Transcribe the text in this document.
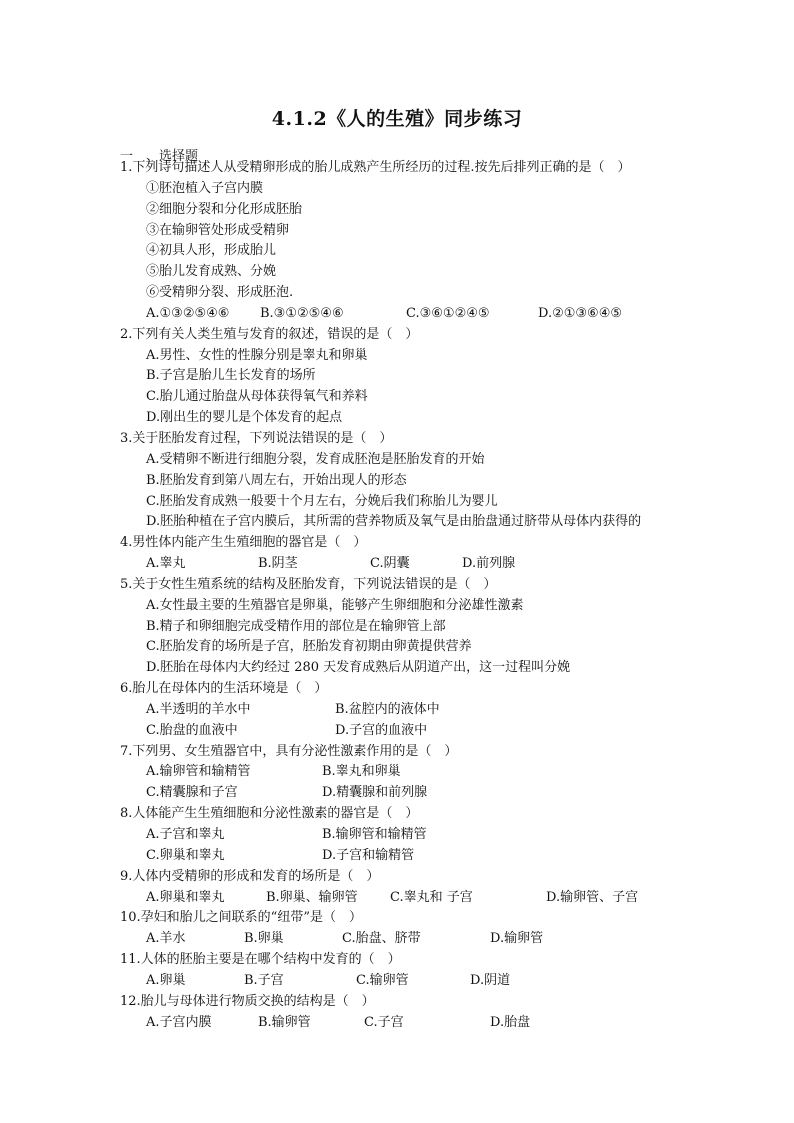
4.1.2《人的生殖》同步练习
一　、选择题
1.下列诗句描述人从受精卵形成的胎儿成熟产生所经历的过程.按先后排列正确的是（　）
①胚泡植入子宫内膜
②细胞分裂和分化形成胚胎
③在输卵管处形成受精卵
④初具人形，形成胎儿
⑤胎儿发育成熟、分娩
⑥受精卵分裂、形成胚泡.
A.①③②⑤④⑥ B.③①②⑤④⑥	C.③⑥①②④⑤	D.②①③⑥④⑤
2.下列有关人类生殖与发育的叙述，错误的是（　）
A.男性、女性的性腺分别是睾丸和卵巢
B.子宫是胎儿生长发育的场所
C.胎儿通过胎盘从母体获得氧气和养料
D.刚出生的婴儿是个体发育的起点
3.关于胚胎发育过程，下列说法错误的是（　）
A.受精卵不断进行细胞分裂，发育成胚泡是胚胎发育的开始
B.胚胎发育到第八周左右，开始出现人的形态
C.胚胎发育成熟一般要十个月左右，分娩后我们称胎儿为婴儿
D.胚胎种植在子宫内膜后，其所需的营养物质及氧气是由胎盘通过脐带从母体内获得的
4.男性体内能产生生殖细胞的器官是（　）
A.睾丸	B.阴茎	C.阴囊	D.前列腺
5.关于女性生殖系统的结构及胚胎发育，下列说法错误的是（　）
A.女性最主要的生殖器官是卵巢，能够产生卵细胞和分泌雄性激素
B.精子和卵细胞完成受精作用的部位是在输卵管上部
C.胚胎发育的场所是子宫，胚胎发育初期由卵黄提供营养
D.胚胎在母体内大约经过 280 天发育成熟后从阴道产出，这一过程叫分娩
6.胎儿在母体内的生活环境是（　）
A.半透明的羊水中	B.盆腔内的液体中
C.胎盘的血液中	D.子宫的血液中
7.下列男、女生殖器官中，具有分泌性激素作用的是（　）
A.输卵管和输精管	B.睾丸和卵巢
C.精囊腺和子宫	D.精囊腺和前列腺
8.人体能产生生殖细胞和分泌性激素的器官是（　）
A.子宫和睾丸	B.输卵管和输精管
C.卵巢和睾丸	D.子宫和输精管
9.人体内受精卵的形成和发育的场所是（　）
A.卵巢和睾丸	B.卵巢、输卵管 C.睾丸和 子宫	D.输卵管、子宫
10.孕妇和胎儿之间联系的“纽带”是（　）
A.羊水	B.卵巢	C.胎盘、脐带	D.输卵管
11.人体的胚胎主要是在哪个结构中发育的（　）
A.卵巢	B.子宫	C.输卵管	D.阴道
12.胎儿与母体进行物质交换的结构是（　）
A.子宫内膜	B.输卵管	C.子宫	D.胎盘
